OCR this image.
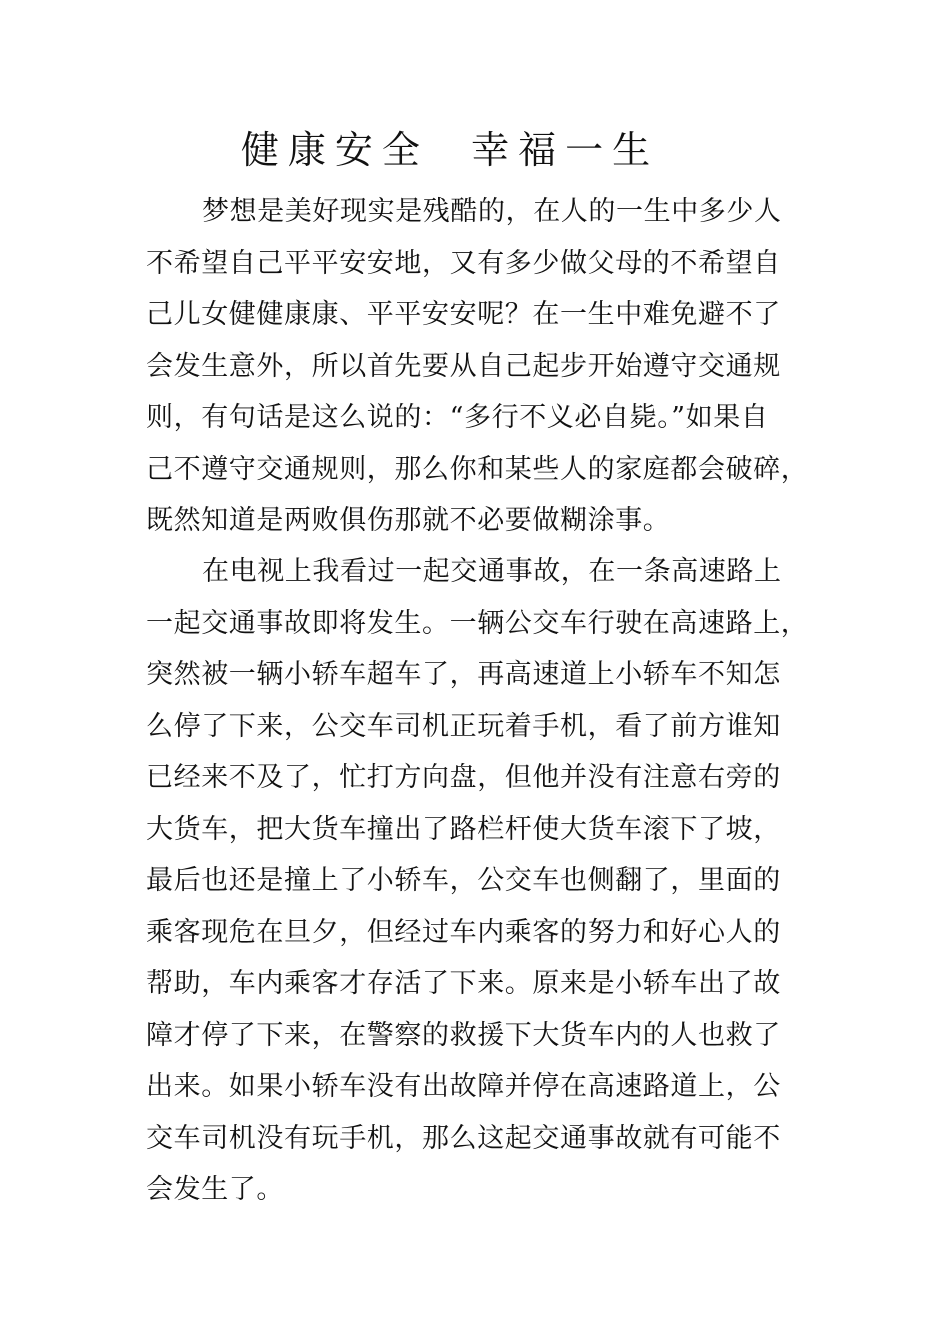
健康安全  幸福一生
梦想是美好现实是残酷的，在人的一生中多少人
不希望自己平平安安地，又有多少做父母的不希望自
己儿女健健康康、平平安安呢？在一生中难免避不了
会发生意外，所以首先要从自己起步开始遵守交通规
则，有句话是这么说的：“多行不义必自毙。”如果自
己不遵守交通规则，那么你和某些人的家庭都会破碎，
既然知道是两败俱伤那就不必要做糊涂事。
在电视上我看过一起交通事故，在一条高速路上
一起交通事故即将发生。一辆公交车行驶在高速路上，
突然被一辆小轿车超车了，再高速道上小轿车不知怎
么停了下来，公交车司机正玩着手机，看了前方谁知
已经来不及了，忙打方向盘，但他并没有注意右旁的
大货车，把大货车撞出了路栏杆使大货车滚下了坡，
最后也还是撞上了小轿车，公交车也侧翻了，里面的
乘客现危在旦夕，但经过车内乘客的努力和好心人的
帮助，车内乘客才存活了下来。原来是小轿车出了故
障才停了下来，在警察的救援下大货车内的人也救了
出来。如果小轿车没有出故障并停在高速路道上，公
交车司机没有玩手机，那么这起交通事故就有可能不
会发生了。
